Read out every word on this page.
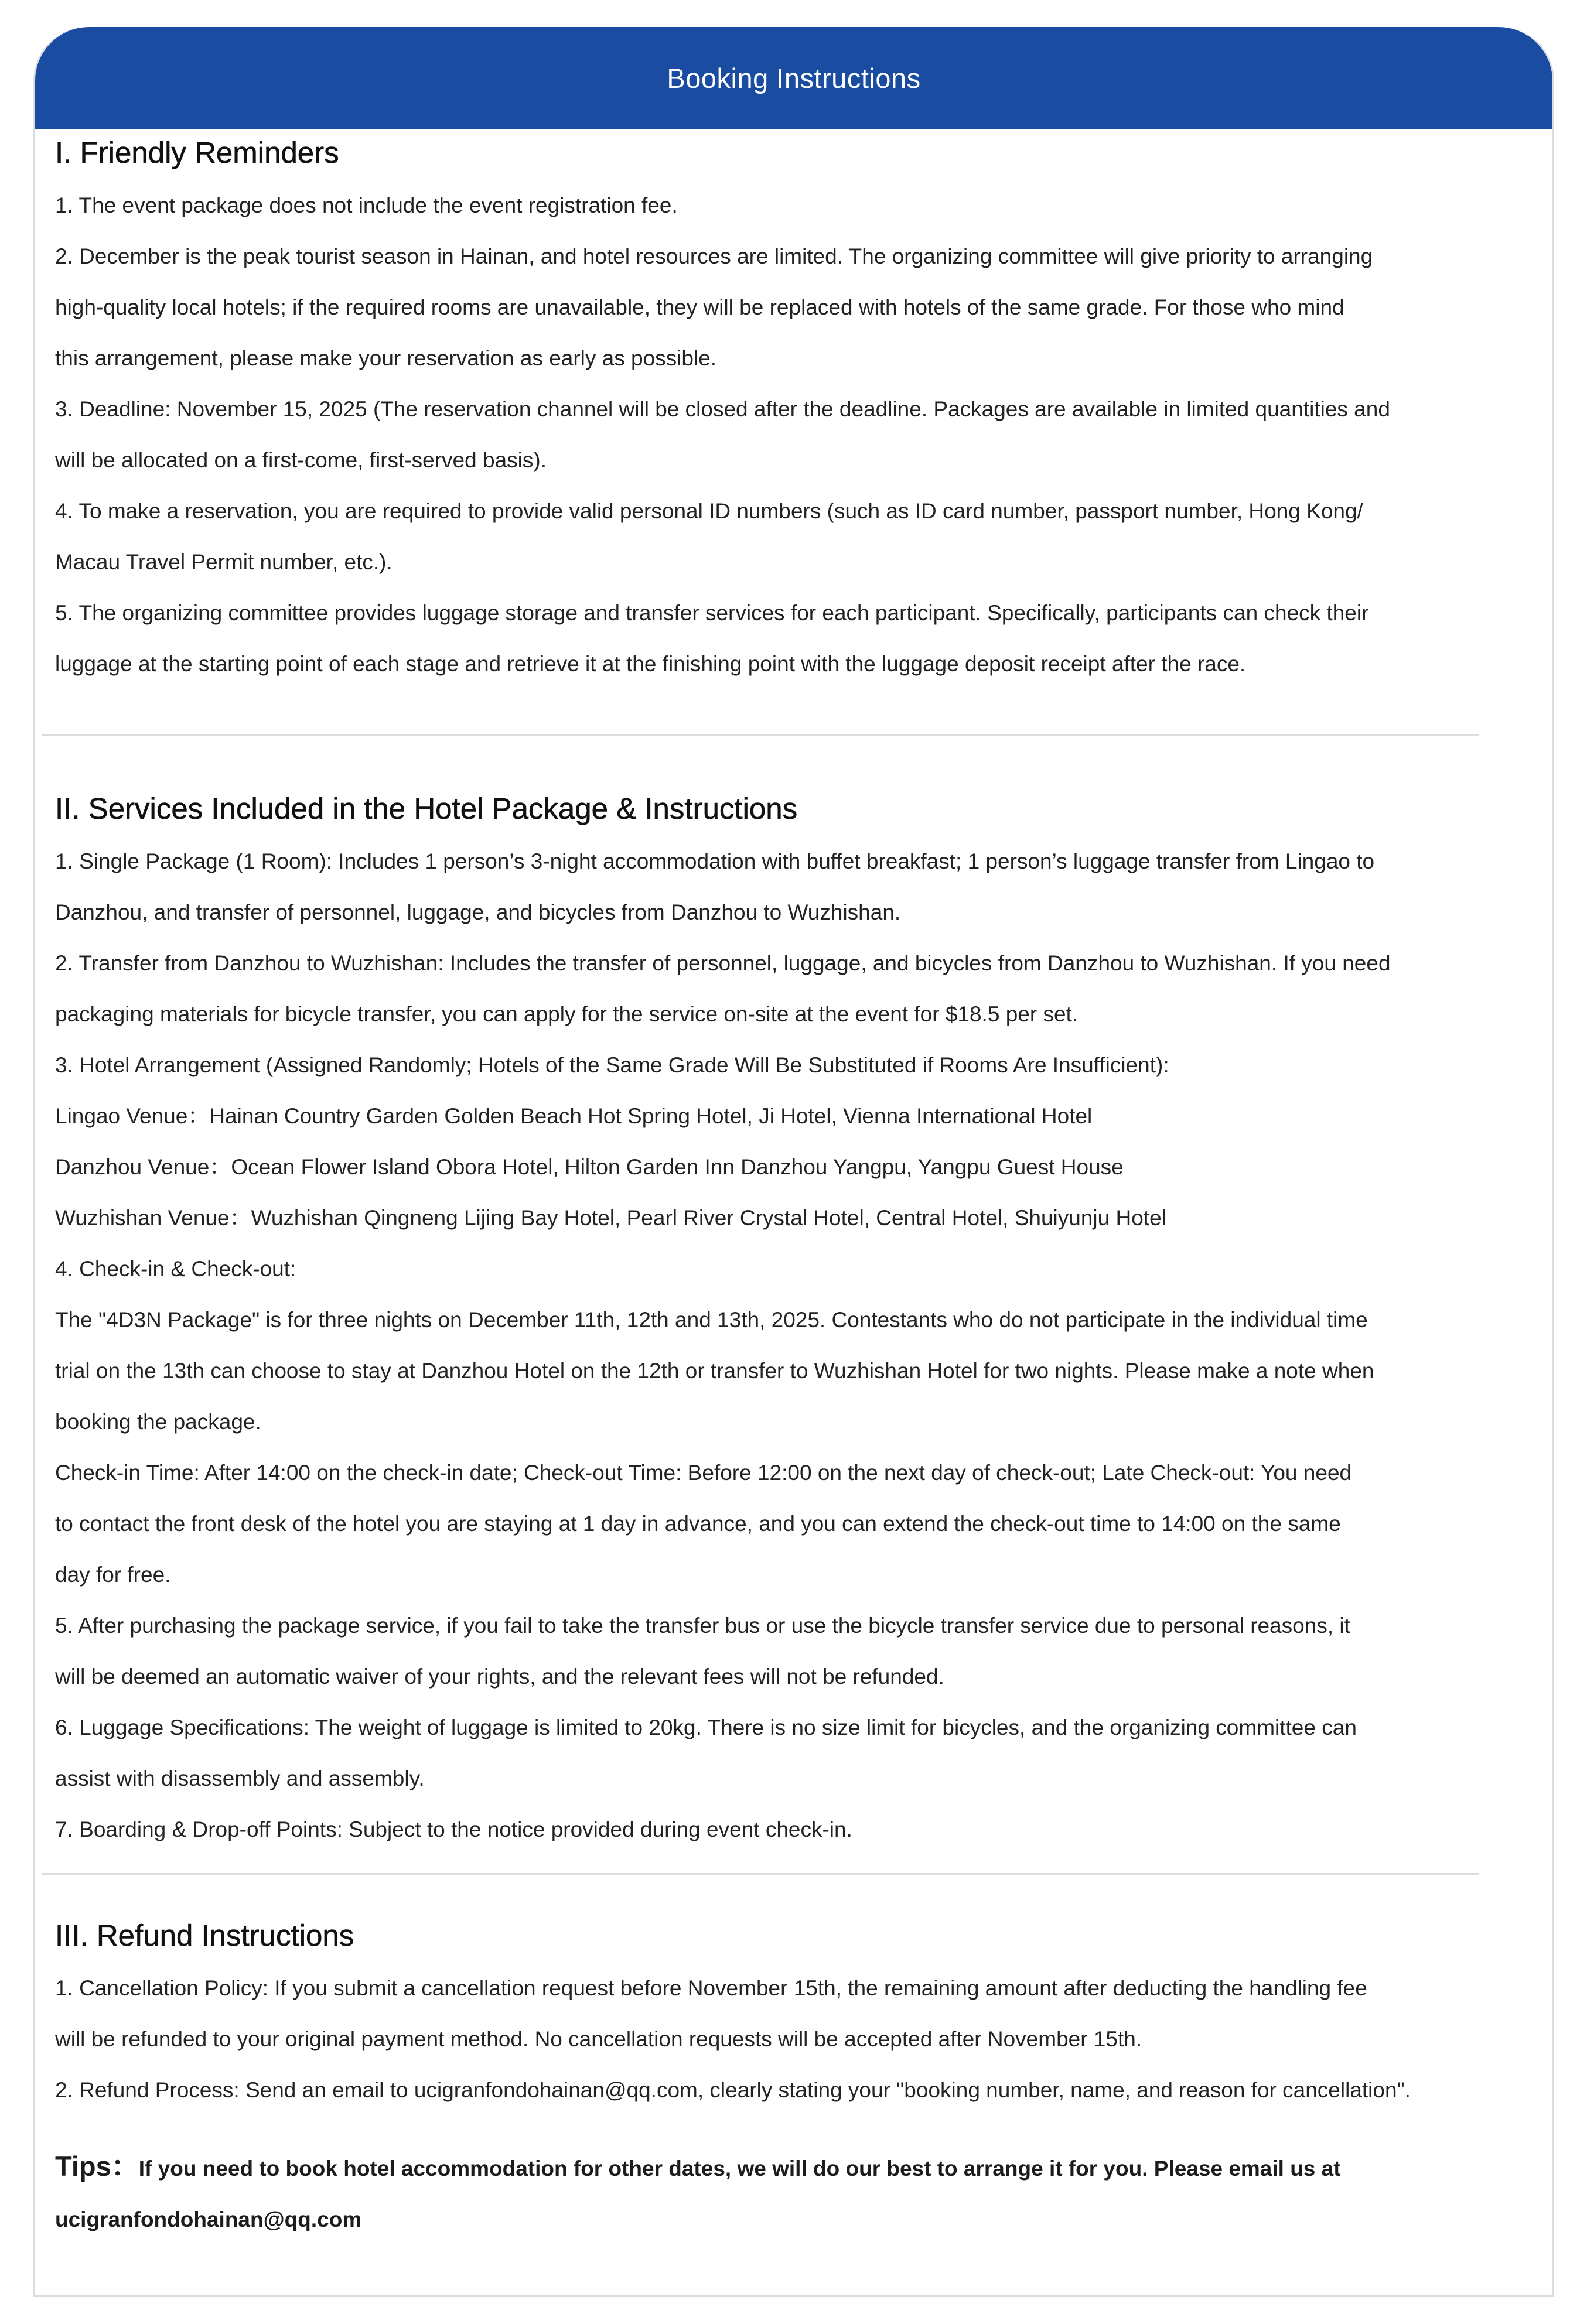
Booking Instructions
I. Friendly Reminders

1. The event package does not include the event registration fee.

2. December is the peak tourist season in Hainan, and hotel resources are limited. The organizing committee will give priority to arranging

high-quality local hotels; if the required rooms are unavailable, they will be replaced with hotels of the same grade. For those who mind

this arrangement, please make your reservation as early as possible.

3. Deadline: November 15, 2025 (The reservation channel will be closed after the deadline. Packages are available in limited quantities and

will be allocated on a first-come, first-served basis).

4. To make a reservation, you are required to provide valid personal ID numbers (such as ID card number, passport number, Hong Kong/

Macau Travel Permit number, etc.).

5. The organizing committee provides luggage storage and transfer services for each participant. Specifically, participants can check their

luggage at the starting point of each stage and retrieve it at the finishing point with the luggage deposit receipt after the race.

II. Services Included in the Hotel Package & Instructions

1. Single Package (1 Room): Includes 1 person’s 3-night accommodation with buffet breakfast; 1 person’s luggage transfer from Lingao to

Danzhou, and transfer of personnel, luggage, and bicycles from Danzhou to Wuzhishan.

2. Transfer from Danzhou to Wuzhishan: Includes the transfer of personnel, luggage, and bicycles from Danzhou to Wuzhishan. If you need

packaging materials for bicycle transfer, you can apply for the service on-site at the event for $18.5 per set.

3. Hotel Arrangement (Assigned Randomly; Hotels of the Same Grade Will Be Substituted if Rooms Are Insufficient):

Lingao Venue：Hainan Country Garden Golden Beach Hot Spring Hotel, Ji Hotel, Vienna International Hotel

Danzhou Venue：Ocean Flower Island Obora Hotel, Hilton Garden Inn Danzhou Yangpu, Yangpu Guest House

Wuzhishan Venue：Wuzhishan Qingneng Lijing Bay Hotel, Pearl River Crystal Hotel, Central Hotel, Shuiyunju Hotel

4. Check-in & Check-out:

The "4D3N Package" is for three nights on December 11th, 12th and 13th, 2025. Contestants who do not participate in the individual time

trial on the 13th can choose to stay at Danzhou Hotel on the 12th or transfer to Wuzhishan Hotel for two nights. Please make a note when

booking the package.

Check-in Time: After 14:00 on the check-in date; Check-out Time: Before 12:00 on the next day of check-out; Late Check-out: You need

to contact the front desk of the hotel you are staying at 1 day in advance, and you can extend the check-out time to 14:00 on the same

day for free.

5. After purchasing the package service, if you fail to take the transfer bus or use the bicycle transfer service due to personal reasons, it

will be deemed an automatic waiver of your rights, and the relevant fees will not be refunded.

6. Luggage Specifications: The weight of luggage is limited to 20kg. There is no size limit for bicycles, and the organizing committee can

assist with disassembly and assembly.

7. Boarding & Drop-off Points: Subject to the notice provided during event check-in.

III. Refund Instructions

1. Cancellation Policy: If you submit a cancellation request before November 15th, the remaining amount after deducting the handling fee

will be refunded to your original payment method. No cancellation requests will be accepted after November 15th.

2. Refund Process: Send an email to ucigranfondohainan@qq.com, clearly stating your "booking number, name, and reason for cancellation".

Tips：If you need to book hotel accommodation for other dates, we will do our best to arrange it for you. Please email us at
ucigranfondohainan@qq.com
